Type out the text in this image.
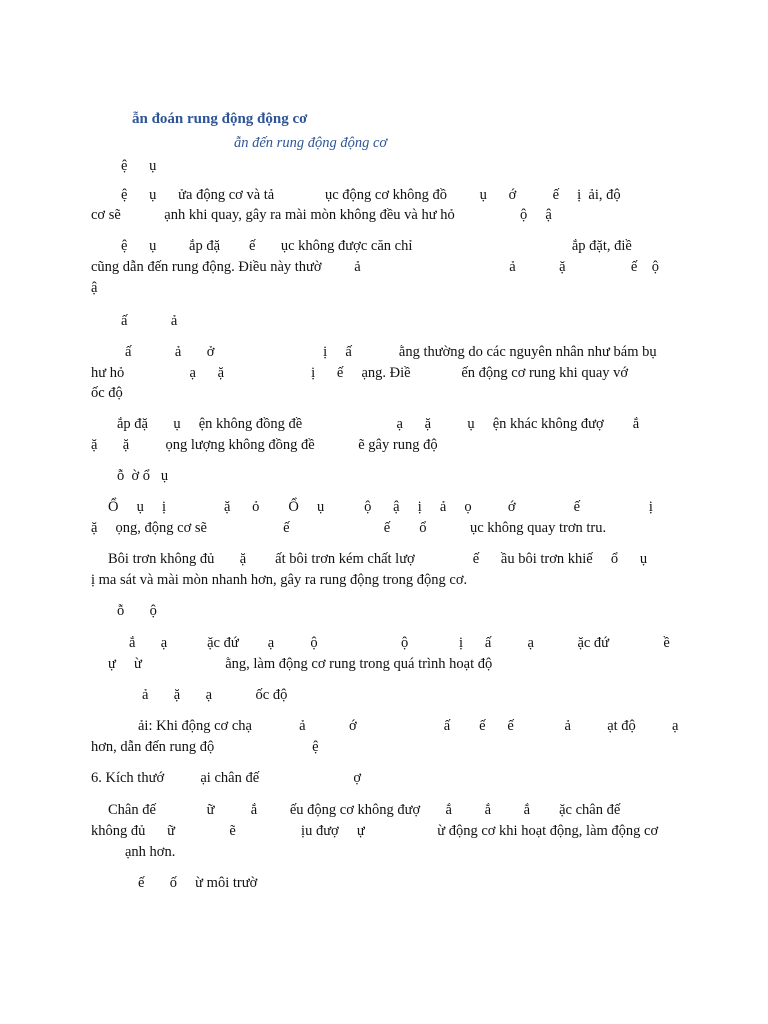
ẫn đoán rung động động cơ
ẫn đến rung động động cơ
ệ      ụ
ệ      ụ      ửa động cơ và tả              ục động cơ không đồ         ụ      ớ          ế     ị  ải, độ
cơ sẽ            ạnh khi quay, gây ra mài mòn không đều và hư hỏ                  ộ     ậ
ệ      ụ         ắp đặ        ế       ục không được căn chỉ                                            ắp đặt, điề
cũng dẫn đến rung động. Điều này thườ         ả                                         ả            ặ                  ế    ộ
ậ
ấ            ả
ấ            ả       ở                              ị     ấ             ằng thường do các nguyên nhân như bám bụ
hư hỏ                  ạ      ặ                        ị      ế     ạng. Điề              ến động cơ rung khi quay vớ
ốc độ
ắp đặ       ụ     ện không đồng đề                          ạ      ặ          ụ     ện khác không đượ        ắ
ặ       ặ          ọng lượng không đồng đề            ẽ gây rung độ
ỗ  ờ ổ   ụ
Ổ     ụ     ị                ặ      ỏ        Ổ     ụ           ộ      ậ     ị     ả     ọ          ớ                ế                   ị
ặ     ọng, động cơ sẽ                     ế                          ế        ổ            ục không quay trơn tru.
Bôi trơn không đủ       ặ        ất bôi trơn kém chất lượ                ế      ầu bôi trơn khiế     ổ      ụ
ị ma sát và mài mòn nhanh hơn, gây ra rung động trong động cơ.
ỗ       ộ
ắ       ạ           ặc đứ        ạ          ộ                       ộ              ị      ấ          ạ            ặc đứ               ề
ự     ừ                       ằng, làm động cơ rung trong quá trình hoạt độ
ả       ặ       ạ            ốc độ
ải: Khi động cơ chạ             ả            ớ                        ấ        ế      ế              ả          ạt độ          ạ
hơn, dẫn đến rung độ                           ệ
6. Kích thướ          ại chân đế                          ợ
Chân đế              ữ          ắ         ếu động cơ không đượ       ắ         ắ         ắ        ặc chân đế
không đủ      ữ               ẽ                  ịu đượ     ự                    ừ động cơ khi hoạt động, làm động cơ
ạnh hơn.
ế       ố     ừ môi trườ
